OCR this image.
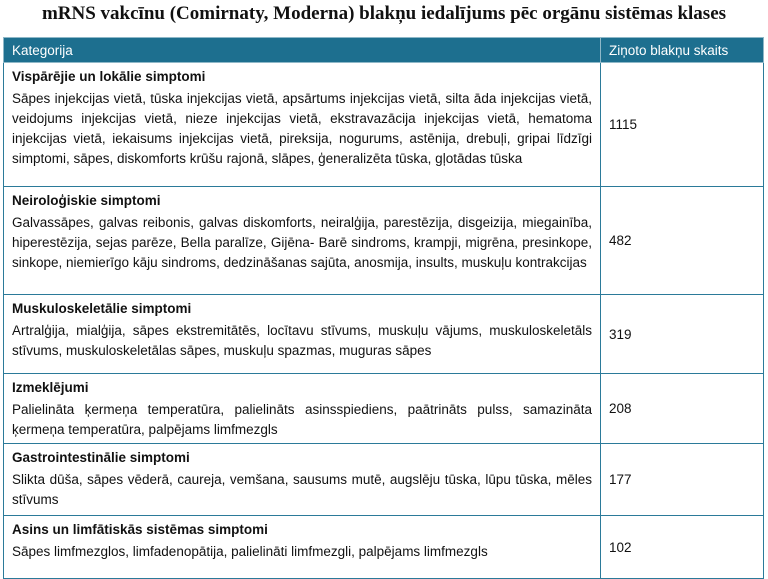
mRNS vakcīnu (Comirnaty, Moderna) blakņu iedalījums pēc orgānu sistēmas klases
Kategorija	Ziņoto blakņu skaits

Vispārējie un lokālie simptomi
Sāpes injekcijas vietā, tūska injekcijas vietā, apsārtums injekcijas vietā, silta āda injekcijas vietā, veidojums injekcijas vietā, nieze injekcijas vietā, ekstravazācija injekcijas vietā, hematoma injekcijas vietā, iekaisums injekcijas vietā, pireksija, nogurums, astēnija, drebuļi, gripai līdzīgi simptomi, sāpes, diskomforts krūšu rajonā, slāpes, ģeneralizēta tūska, gļotādas tūska	1115

Neiroloģiskie simptomi
Galvassāpes, galvas reibonis, galvas diskomforts, neiralģija, parestēzija, disgeizija, miegainība, hiperestēzija, sejas parēze, Bella paralīze, Gijēna- Barē sindroms, krampji, migrēna, presinkope, sinkope, niemierīgo kāju sindroms, dedzināšanas sajūta, anosmija, insults, muskuļu kontrakcijas	482

Muskuloskeletālie simptomi
Artralģija, mialģija, sāpes ekstremitātēs, locītavu stīvums, muskuļu vājums, muskuloskeletāls stīvums, muskuloskeletālas sāpes, muskuļu spazmas, muguras sāpes	319

Izmeklējumi
Palielināta ķermeņa temperatūra, palielināts asinsspiediens, paātrināts pulss, samazināta ķermeņa temperatūra, palpējams limfmezgls	208

Gastrointestinālie simptomi
Slikta dūša, sāpes vēderā, caureja, vemšana, sausums mutē, augslēju tūska, lūpu tūska, mēles stīvums	177

Asins un limfātiskās sistēmas simptomi
Sāpes limfmezglos, limfadenopātija, palielināti limfmezgli, palpējams limfmezgls	102
